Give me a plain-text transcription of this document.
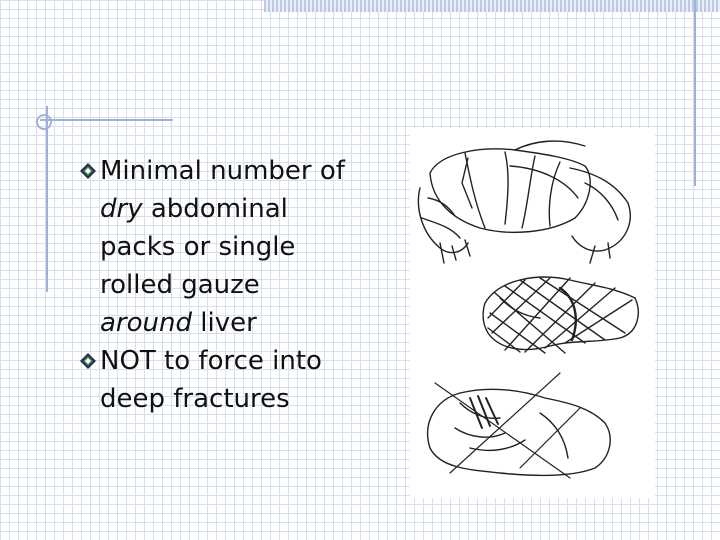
Minimal number of
dry abdominal
packs or single
rolled gauze
around liver
NOT to force into
deep fractures
